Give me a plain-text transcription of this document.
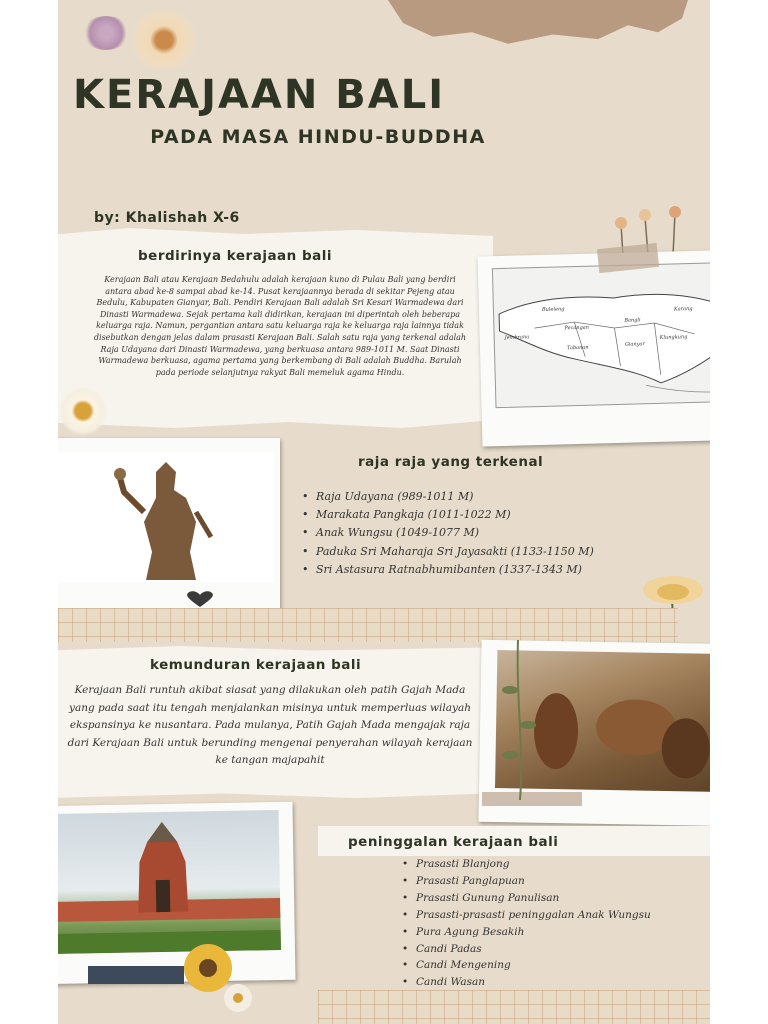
KERAJAAN BALI
PADA MASA HINDU-BUDDHA
by: Khalishah X-6
berdirinya kerajaan bali
Kerajaan Bali atau Kerajaan Bedahulu adalah kerajaan kuno di Pulau Bali yang berdiri antara abad ke-8 sampai abad ke-14. Pusat kerajaannya berada di sekitar Pejeng atau Bedulu, Kabupaten Gianyar, Bali. Pendiri Kerajaan Bali adalah Sri Kesari Warmadewa dari Dinasti Warmadewa. Sejak pertama kali didirikan, kerajaan ini diperintah oleh beberapa keluarga raja. Namun, pergantian antara satu keluarga raja ke keluarga raja lainnya tidak disebutkan dengan jelas dalam prasasti Kerajaan Bali. Salah satu raja yang terkenal adalah Raja Udayana dari Dinasti Warmadewa, yang berkuasa antara 989-1011 M. Saat Dinasti Warmadewa berkuasa, agama pertama yang berkembang di Bali adalah Buddha. Barulah pada periode selanjutnya rakyat Bali memeluk agama Hindu.
Buleleng	Karang
Pecangan
Bangli
Tabanan
Gianyar
Klungkung
Jembrana
raja raja yang terkenal
• Raja Udayana (989-1011 M)
• Marakata Pangkaja (1011-1022 M)
• Anak Wungsu (1049-1077 M)
• Paduka Sri Maharaja Sri Jayasakti (1133-1150 M)
• Sri Astasura Ratnabhumibanten (1337-1343 M)
kemunduran kerajaan bali
Kerajaan Bali runtuh akibat siasat yang dilakukan oleh patih Gajah Mada yang pada saat itu tengah menjalankan misinya untuk memperluas wilayah ekspansinya ke nusantara. Pada mulanya, Patih Gajah Mada mengajak raja dari Kerajaan Bali untuk berunding mengenai penyerahan wilayah kerajaan ke tangan majapahit
peninggalan kerajaan bali
• Prasasti Blanjong
• Prasasti Panglapuan
• Prasasti Gunung Panulisan
• Prasasti-prasasti peninggalan Anak Wungsu
• Pura Agung Besakih
• Candi Padas
• Candi Mengening
• Candi Wasan
